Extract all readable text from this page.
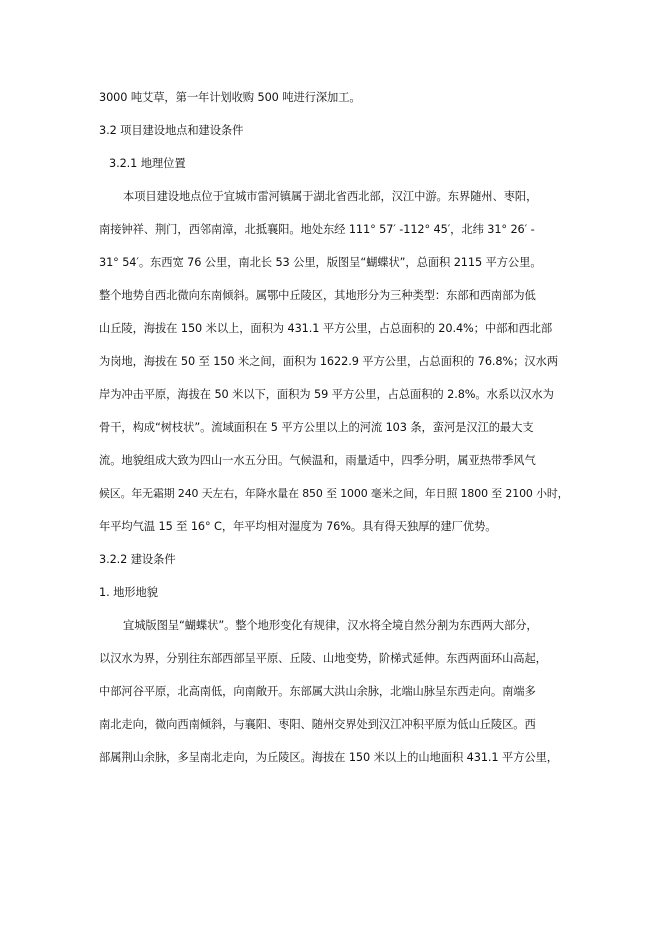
3000 吨艾草，第一年计划收购 500 吨进行深加工。
3.2 项目建设地点和建设条件
3.2.1 地理位置
本项目建设地点位于宜城市雷河镇属于湖北省西北部，汉江中游。东界随州、枣阳，
南接钟祥、荆门，西邻南漳，北抵襄阳。地处东经 111° 57′ -112° 45′，北纬 31° 26′ -
31° 54′。东西宽 76 公里，南北长 53 公里，版图呈“蝴蝶状”，总面积 2115 平方公里。
整个地势自西北微向东南倾斜。属鄂中丘陵区，其地形分为三种类型：东部和西南部为低
山丘陵，海拔在 150 米以上，面积为 431.1 平方公里，占总面积的 20.4%；中部和西北部
为岗地，海拔在 50 至 150 米之间，面积为 1622.9 平方公里，占总面积的 76.8%；汉水两
岸为冲击平原，海拔在 50 米以下，面积为 59 平方公里，占总面积的 2.8%。水系以汉水为
骨干，构成“树枝状”。流域面积在 5 平方公里以上的河流 103 条，蛮河是汉江的最大支
流。地貌组成大致为四山一水五分田。气候温和，雨量适中，四季分明，属亚热带季风气
候区。年无霜期 240 天左右，年降水量在 850 至 1000 毫米之间，年日照 1800 至 2100 小时，
年平均气温 15 至 16° C，年平均相对湿度为 76%。具有得天独厚的建厂优势。
3.2.2 建设条件
1. 地形地貌
宜城版图呈“蝴蝶状”。整个地形变化有规律，汉水将全境自然分割为东西两大部分，
以汉水为界，分别往东部西部呈平原、丘陵、山地变势，阶梯式延伸。东西两面环山高起，
中部河谷平原，北高南低，向南敞开。东部属大洪山余脉，北端山脉呈东西走向。南端多
南北走向，微向西南倾斜，与襄阳、枣阳、随州交界处到汉江冲积平原为低山丘陵区。西
部属荆山余脉，多呈南北走向，为丘陵区。海拔在 150 米以上的山地面积 431.1 平方公里，
